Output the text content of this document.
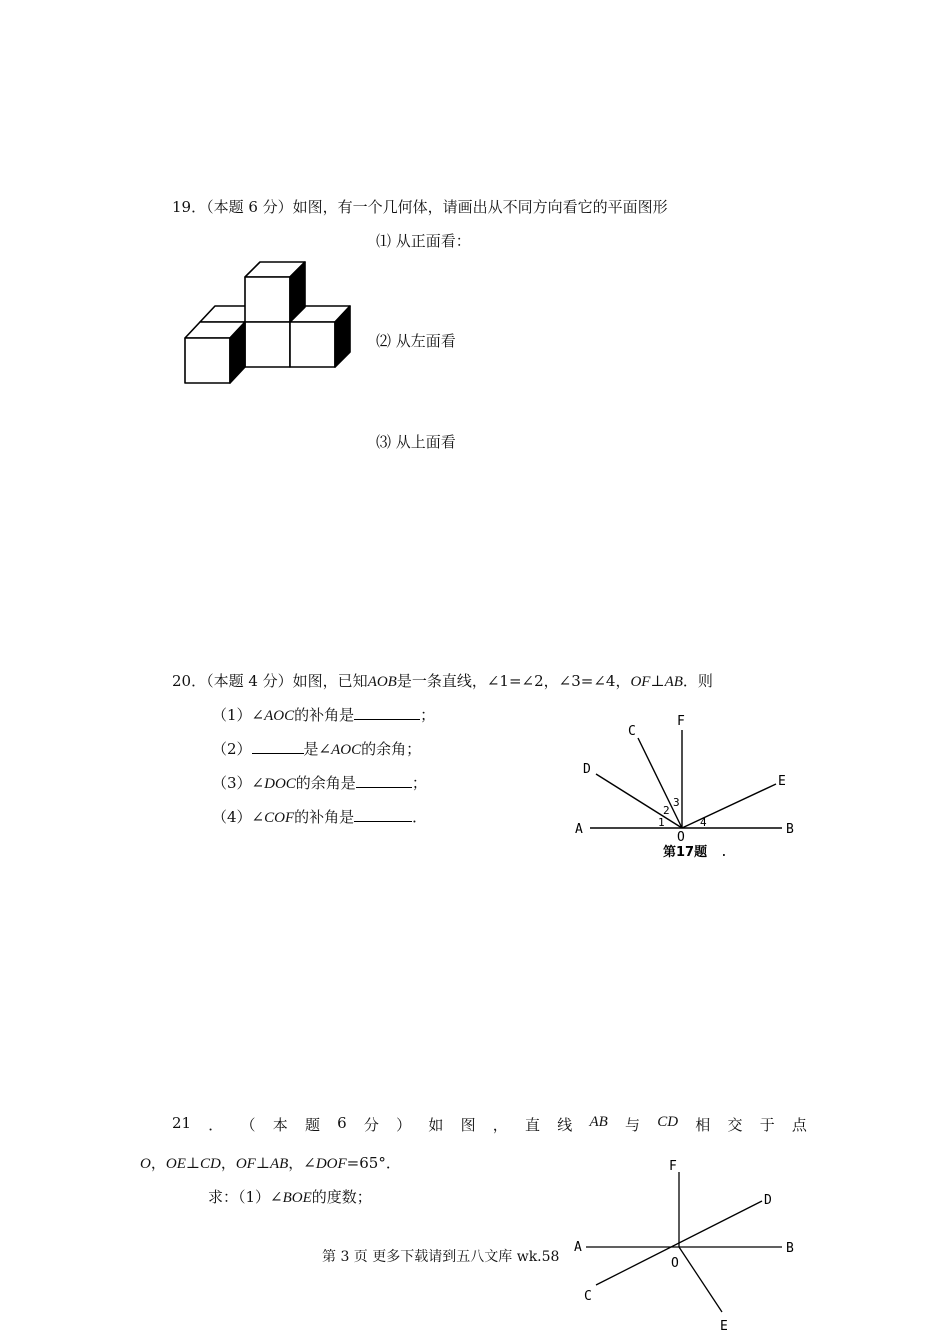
19．（本题 6 分）如图，有一个几何体，请画出从不同方向看它的平面图形
⑴ 从正面看：
⑵ 从左面看
⑶ 从上面看
20．（本题 4 分）如图，已知AOB是一条直线，∠1=∠2，∠3=∠4，OF⊥AB．则
（1）∠AOC的补角是	；
（2）	是∠AOC的余角；
（3）∠DOC的余角是	；
（4）∠COF的补角是	．
A	B
C
D
E
F
O
1
2
3
4
第17题 .
21 ． （ 本 题 6 分 ） 如 图 ， 直 线 AB 与 CD 相 交 于 点
O，OE⊥CD，OF⊥AB，∠DOF=65°．
求：（1）∠BOE的度数；
A	B
C
D
E
F
O
第 3 页 更多下载请到五八文库 wk.58
